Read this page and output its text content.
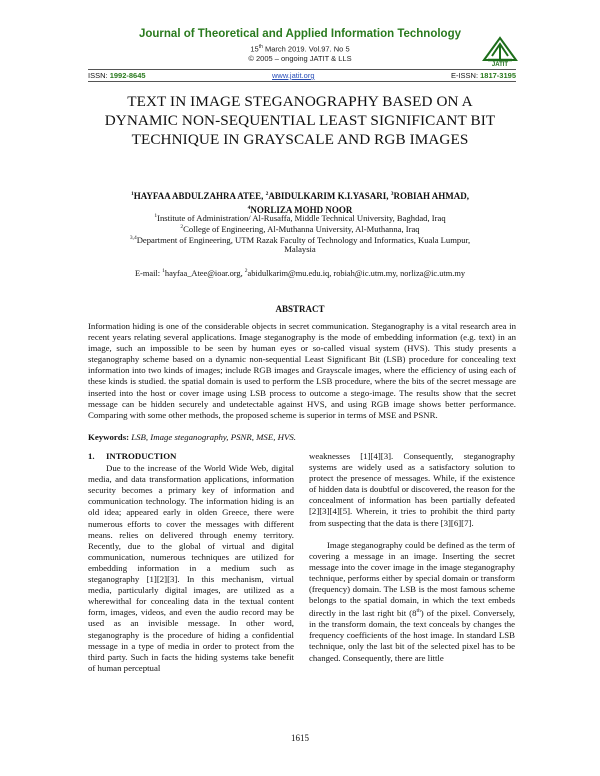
Journal of Theoretical and Applied Information Technology
15th March 2019. Vol.97. No 5
© 2005 – ongoing JATIT & LLS
JATIT
ISSN: 1992-8645	www.jatit.org	E-ISSN: 1817-3195
TEXT IN IMAGE STEGANOGRAPHY BASED ON A
DYNAMIC NON-SEQUENTIAL LEAST SIGNIFICANT BIT
TECHNIQUE IN GRAYSCALE AND RGB IMAGES
$^1$HAYFAA ABDULZAHRA ATEE, $^2$ABIDULKARIM K.I.YASARI, $^3$ROBIAH AHMAD,
$^4$NORLIZA MOHD NOOR
$^1$Institute of Administration/ Al-Rusaffa, Middle Technical University, Baghdad, Iraq
$^2$College of Engineering, Al-Muthanna University, Al-Muthanna, Iraq
$^{3,4}$Department of Engineering, UTM Razak Faculty of Technology and Informatics, Kuala Lumpur,
Malaysia
E-mail: $^1$hayfaa_Atee@ioar.org, $^2$abidulkarim@mu.edu.iq, robiah@ic.utm.my, norliza@ic.utm.my
ABSTRACT
Information hiding is one of the considerable objects in secret communication. Steganography is a vital research area in recent years relating several applications. Image steganography is the mode of embedding information (e.g. text) in an image, such an impossible to be seen by human eyes or so-called visual system (HVS). This study presents a steganography scheme based on a dynamic non-sequential Least Significant Bit (LSB) procedure for concealing text information into two kinds of images; include RGB images and Grayscale images, where the efficiency of using each of these kinds is studied. the spatial domain is used to perform the LSB procedure, where the bits of the secret message are inserted into the host or cover image using LSB process to outcome a stego-image. The results show that the secret message can be hidden securely and undetectable against HVS, and using RGB image shows better performance. Comparing with some other methods, the proposed scheme is superior in terms of MSE and PSNR.
Keywords: LSB, Image steganography, PSNR, MSE, HVS.
1. INTRODUCTION

Due to the increase of the World Wide Web, digital media, and data transformation applications, information security becomes a primary key of information and communication technology. The information hiding is an old idea; appeared early in olden Greece, there were numerous efforts to cover the messages with different means. relies on delivered through enemy territory. Recently, due to the global of virtual and digital communication, numerous techniques are utilized for embedding information in a medium such as steganography [1][2][3]. In this mechanism, virtual media, particularly digital images, are utilized as a wherewithal for concealing data in the textual content form, images, videos, and even the audio record may be used as an invisible message. In other word, steganography is the procedure of hiding a confidential message in a type of media in order to protect from the third party. Such in facts the hiding systems take benefit of human perceptual

weaknesses [1][4][3]. Consequently, steganography systems are widely used as a satisfactory solution to protect the presence of messages. While, if the existence of hidden data is doubtful or discovered, the reason for the concealment of information has been partially defeated [2][3][4][5]. Wherein, it tries to prohibit the third party from suspecting that the data is there [3][6][7].

Image steganography could be defined as the term of covering a message in an image. Inserting the secret message into the cover image in the image steganography technique, performs either by special domain or transform (frequency) domain. The LSB is the most famous scheme belongs to the spatial domain, in which the text embeds directly in the last right bit (8th) of the pixel. Conversely, in the transform domain, the text conceals by changes the frequency coefficients of the host image. In standard LSB technique, only the last bit of the selected pixel has to be changed. Consequently, there are little

1615
